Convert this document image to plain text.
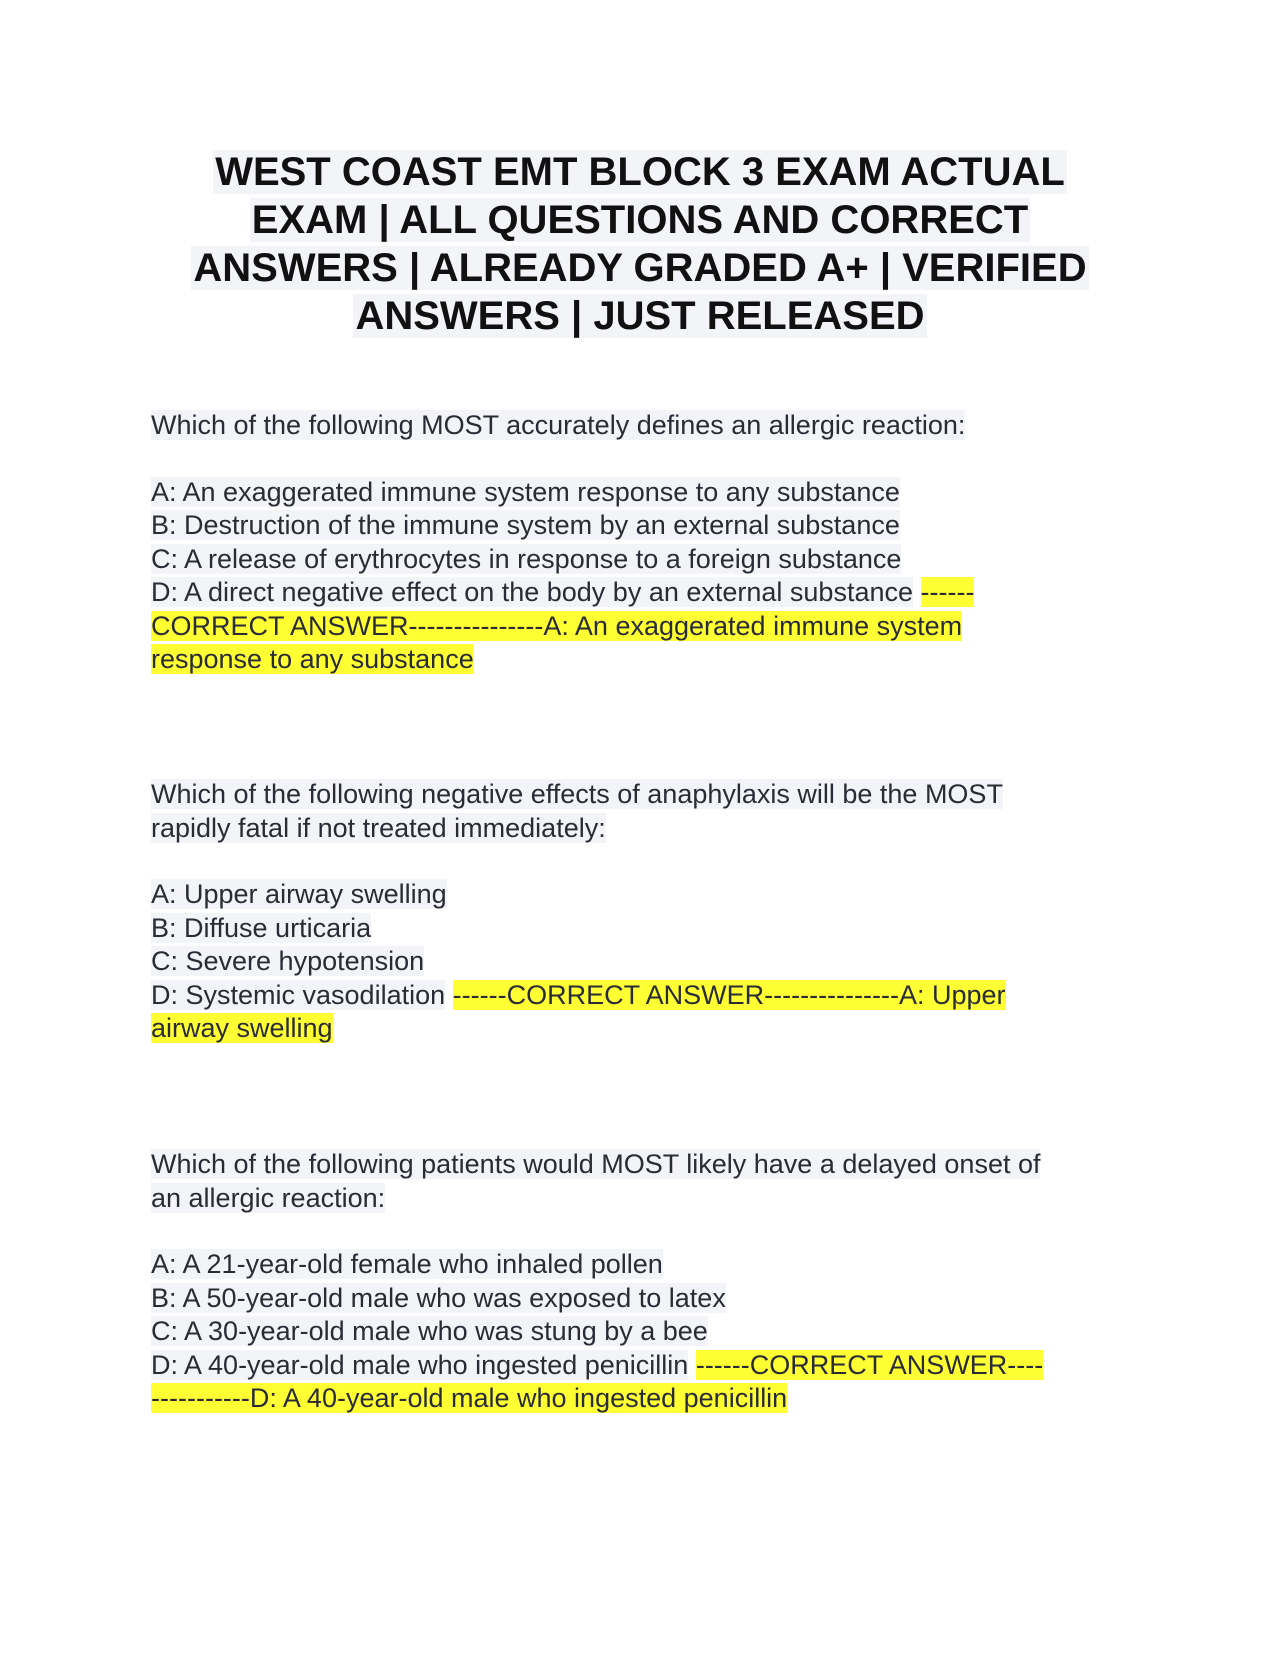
WEST COAST EMT BLOCK 3 EXAM ACTUAL
EXAM | ALL QUESTIONS AND CORRECT
ANSWERS | ALREADY GRADED A+ | VERIFIED
ANSWERS | JUST RELEASED

Which of the following MOST accurately defines an allergic reaction:

A: An exaggerated immune system response to any substance

B: Destruction of the immune system by an external substance

C: A release of erythrocytes in response to a foreign substance

D: A direct negative effect on the body by an external substance ------

CORRECT ANSWER---------------A: An exaggerated immune system

response to any substance

Which of the following negative effects of anaphylaxis will be the MOST
rapidly fatal if not treated immediately:

A: Upper airway swelling

B: Diffuse urticaria

C: Severe hypotension

D: Systemic vasodilation ------CORRECT ANSWER---------------A: Upper

airway swelling

Which of the following patients would MOST likely have a delayed onset of
an allergic reaction:

A: A 21-year-old female who inhaled pollen

B: A 50-year-old male who was exposed to latex

C: A 30-year-old male who was stung by a bee

D: A 40-year-old male who ingested penicillin ------CORRECT ANSWER----

-----------D: A 40-year-old male who ingested penicillin
